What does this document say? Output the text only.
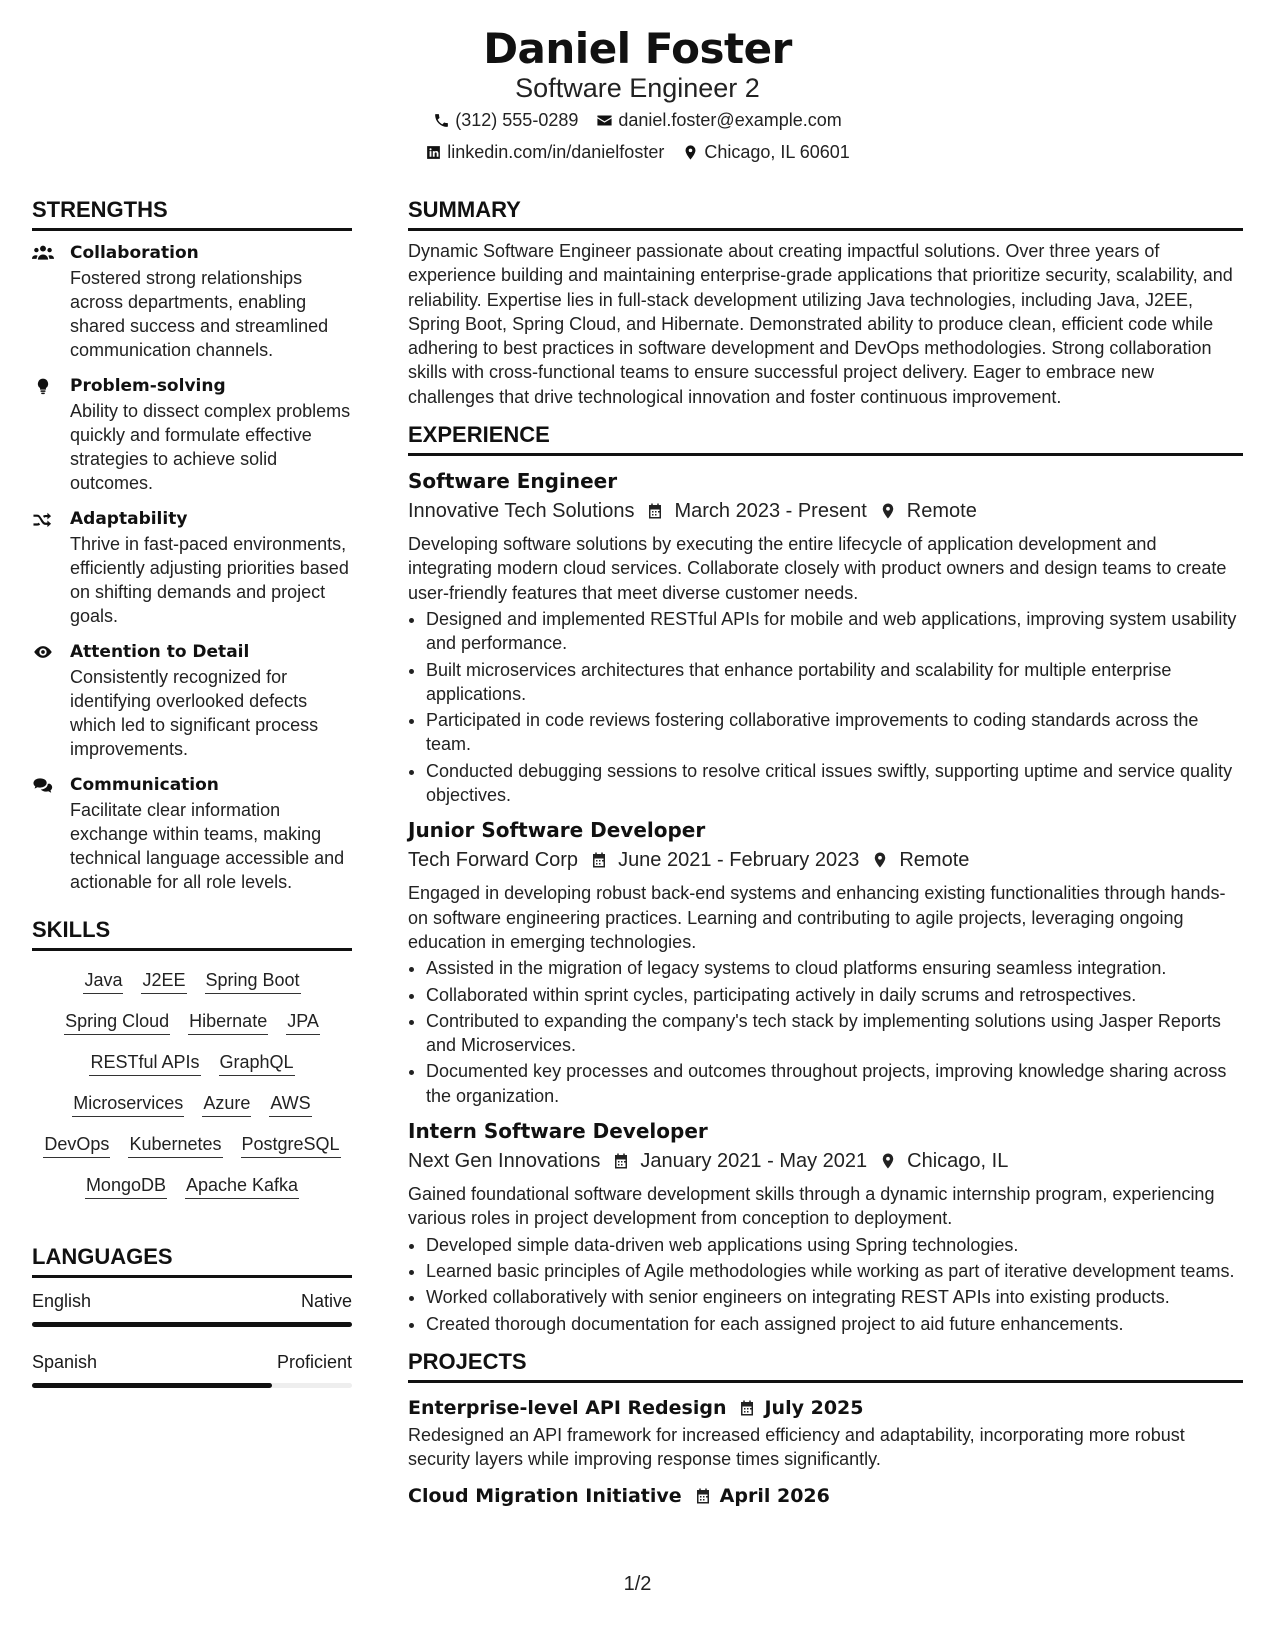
Daniel Foster
Software Engineer 2
(312) 555-0289 daniel.foster@example.com
linkedin.com/in/danielfoster Chicago, IL 60601
STRENGTHS
Collaboration
Fostered strong relationships across departments, enabling shared success and streamlined communication channels.
Problem-solving
Ability to dissect complex problems quickly and formulate effective strategies to achieve solid outcomes.
Adaptability
Thrive in fast-paced environments, efficiently adjusting priorities based on shifting demands and project goals.
Attention to Detail
Consistently recognized for identifying overlooked defects which led to significant process improvements.
Communication
Facilitate clear information exchange within teams, making technical language accessible and actionable for all role levels.
SKILLS
Java J2EE Spring Boot
Spring Cloud Hibernate JPA
RESTful APIs GraphQL
Microservices Azure AWS
DevOps Kubernetes PostgreSQL
MongoDB Apache Kafka
LANGUAGES
English	Native
Spanish	Proficient
SUMMARY
Dynamic Software Engineer passionate about creating impactful solutions. Over three years of experience building and maintaining enterprise-grade applications that prioritize security, scalability, and reliability. Expertise lies in full-stack development utilizing Java technologies, including Java, J2EE, Spring Boot, Spring Cloud, and Hibernate. Demonstrated ability to produce clean, efficient code while adhering to best practices in software development and DevOps methodologies. Strong collaboration skills with cross-functional teams to ensure successful project delivery. Eager to embrace new challenges that drive technological innovation and foster continuous improvement.
EXPERIENCE
Software Engineer
Innovative Tech Solutions March 2023 - Present Remote
Developing software solutions by executing the entire lifecycle of application development and integrating modern cloud services. Collaborate closely with product owners and design teams to create user-friendly features that meet diverse customer needs.
• Designed and implemented RESTful APIs for mobile and web applications, improving system usability and performance.
• Built microservices architectures that enhance portability and scalability for multiple enterprise applications.
• Participated in code reviews fostering collaborative improvements to coding standards across the team.
• Conducted debugging sessions to resolve critical issues swiftly, supporting uptime and service quality objectives.
Junior Software Developer
Tech Forward Corp June 2021 - February 2023 Remote
Engaged in developing robust back-end systems and enhancing existing functionalities through hands-on software engineering practices. Learning and contributing to agile projects, leveraging ongoing education in emerging technologies.
• Assisted in the migration of legacy systems to cloud platforms ensuring seamless integration.
• Collaborated within sprint cycles, participating actively in daily scrums and retrospectives.
• Contributed to expanding the company's tech stack by implementing solutions using Jasper Reports and Microservices.
• Documented key processes and outcomes throughout projects, improving knowledge sharing across the organization.
Intern Software Developer
Next Gen Innovations January 2021 - May 2021 Chicago, IL
Gained foundational software development skills through a dynamic internship program, experiencing various roles in project development from conception to deployment.
• Developed simple data-driven web applications using Spring technologies.
• Learned basic principles of Agile methodologies while working as part of iterative development teams.
• Worked collaboratively with senior engineers on integrating REST APIs into existing products.
• Created thorough documentation for each assigned project to aid future enhancements.
PROJECTS
Enterprise-level API Redesign July 2025
Redesigned an API framework for increased efficiency and adaptability, incorporating more robust security layers while improving response times significantly.
Cloud Migration Initiative April 2026
1/2
